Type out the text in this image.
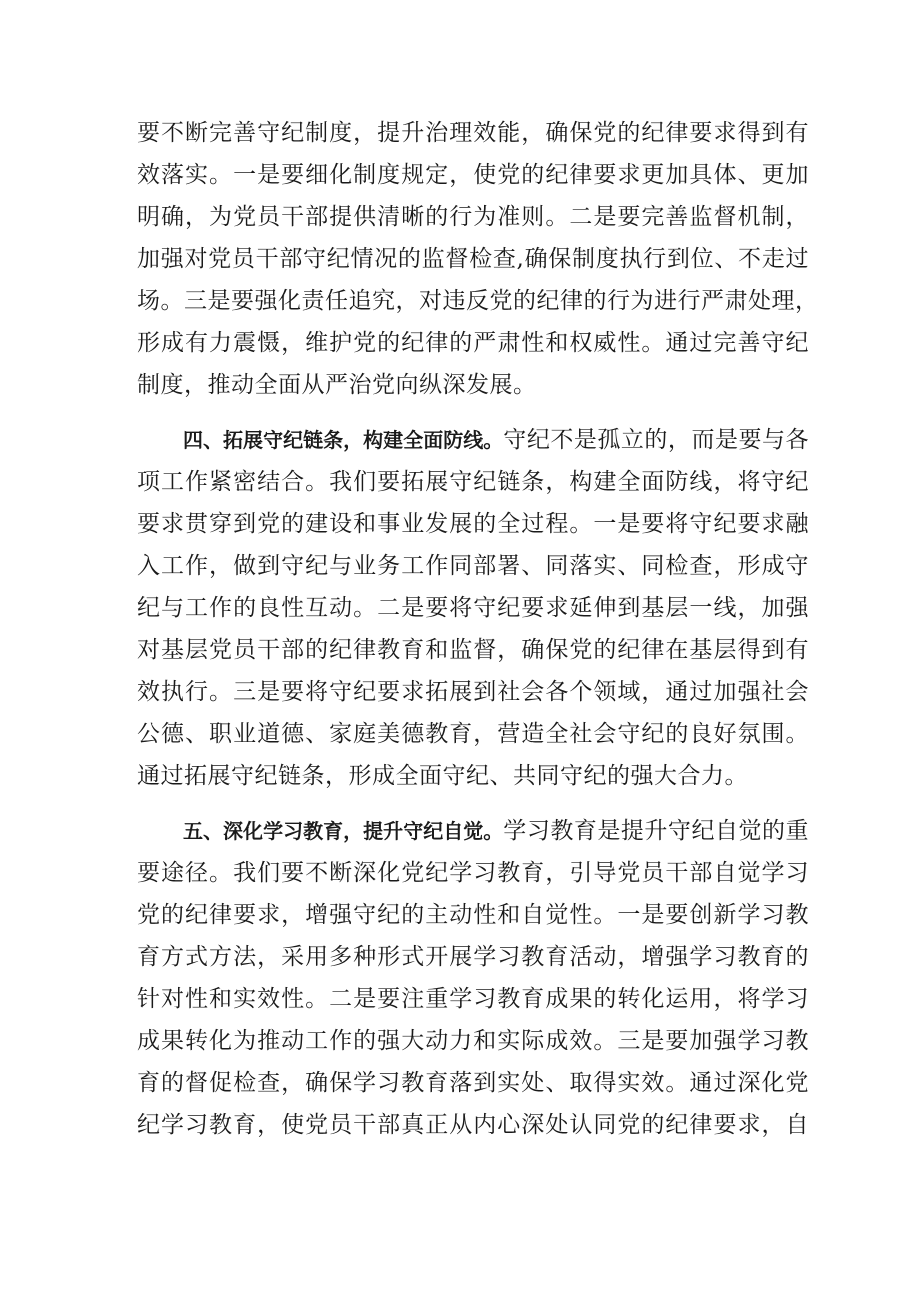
要不断完善守纪制度，提升治理效能，确保党的纪律要求得到有
效落实。一是要细化制度规定，使党的纪律要求更加具体、更加
明确，为党员干部提供清晰的行为准则。二是要完善监督机制，
加强对党员干部守纪情况的监督检查,确保制度执行到位、不走过
场。三是要强化责任追究，对违反党的纪律的行为进行严肃处理，
形成有力震慑，维护党的纪律的严肃性和权威性。通过完善守纪
制度，推动全面从严治党向纵深发展。
四、拓展守纪链条，构建全面防线。守纪不是孤立的，而是要与各
项工作紧密结合。我们要拓展守纪链条，构建全面防线，将守纪
要求贯穿到党的建设和事业发展的全过程。一是要将守纪要求融
入工作，做到守纪与业务工作同部署、同落实、同检查，形成守
纪与工作的良性互动。二是要将守纪要求延伸到基层一线，加强
对基层党员干部的纪律教育和监督，确保党的纪律在基层得到有
效执行。三是要将守纪要求拓展到社会各个领域，通过加强社会
公德、职业道德、家庭美德教育，营造全社会守纪的良好氛围。
通过拓展守纪链条，形成全面守纪、共同守纪的强大合力。
五、深化学习教育，提升守纪自觉。学习教育是提升守纪自觉的重
要途径。我们要不断深化党纪学习教育，引导党员干部自觉学习
党的纪律要求，增强守纪的主动性和自觉性。一是要创新学习教
育方式方法，采用多种形式开展学习教育活动，增强学习教育的
针对性和实效性。二是要注重学习教育成果的转化运用，将学习
成果转化为推动工作的强大动力和实际成效。三是要加强学习教
育的督促检查，确保学习教育落到实处、取得实效。通过深化党
纪学习教育，使党员干部真正从内心深处认同党的纪律要求，自
